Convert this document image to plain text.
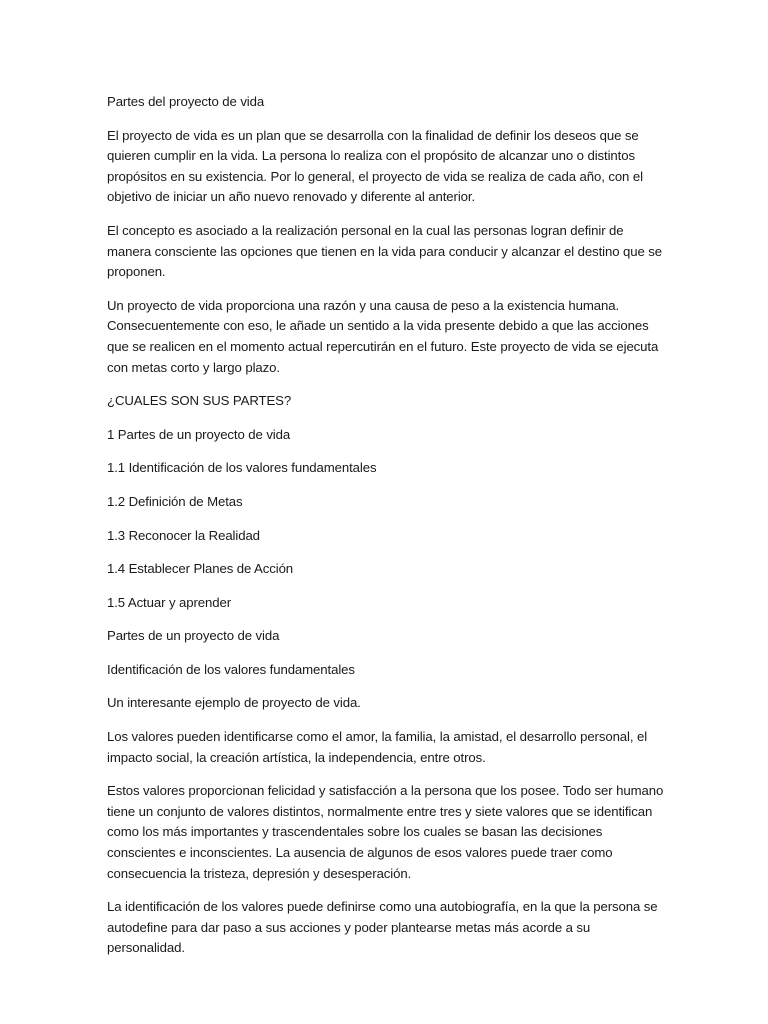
Partes del proyecto de vida

El proyecto de vida es un plan que se desarrolla con la finalidad de definir los deseos que se quieren cumplir en la vida. La persona lo realiza con el propósito de alcanzar uno o distintos propósitos en su existencia. Por lo general, el proyecto de vida se realiza de cada año, con el objetivo de iniciar un año nuevo renovado y diferente al anterior.

El concepto es asociado a la realización personal en la cual las personas logran definir de manera consciente las opciones que tienen en la vida para conducir y alcanzar el destino que se proponen.

Un proyecto de vida proporciona una razón y una causa de peso a la existencia humana. Consecuentemente con eso, le añade un sentido a la vida presente debido a que las acciones que se realicen en el momento actual repercutirán en el futuro. Este proyecto de vida se ejecuta con metas corto y largo plazo.

¿CUALES SON SUS PARTES?

1 Partes de un proyecto de vida

1.1 Identificación de los valores fundamentales

1.2 Definición de Metas

1.3 Reconocer la Realidad

1.4 Establecer Planes de Acción

1.5 Actuar y aprender

Partes de un proyecto de vida

Identificación de los valores fundamentales

Un interesante ejemplo de proyecto de vida.

Los valores pueden identificarse como el amor, la familia, la amistad, el desarrollo personal, el impacto social, la creación artística, la independencia, entre otros.

Estos valores proporcionan felicidad y satisfacción a la persona que los posee. Todo ser humano tiene un conjunto de valores distintos, normalmente entre tres y siete valores que se identifican como los más importantes y trascendentales sobre los cuales se basan las decisiones conscientes e inconscientes. La ausencia de algunos de esos valores puede traer como consecuencia la tristeza, depresión y desesperación.

La identificación de los valores puede definirse como una autobiografía, en la que la persona se autodefine para dar paso a sus acciones y poder plantearse metas más acorde a su personalidad.
